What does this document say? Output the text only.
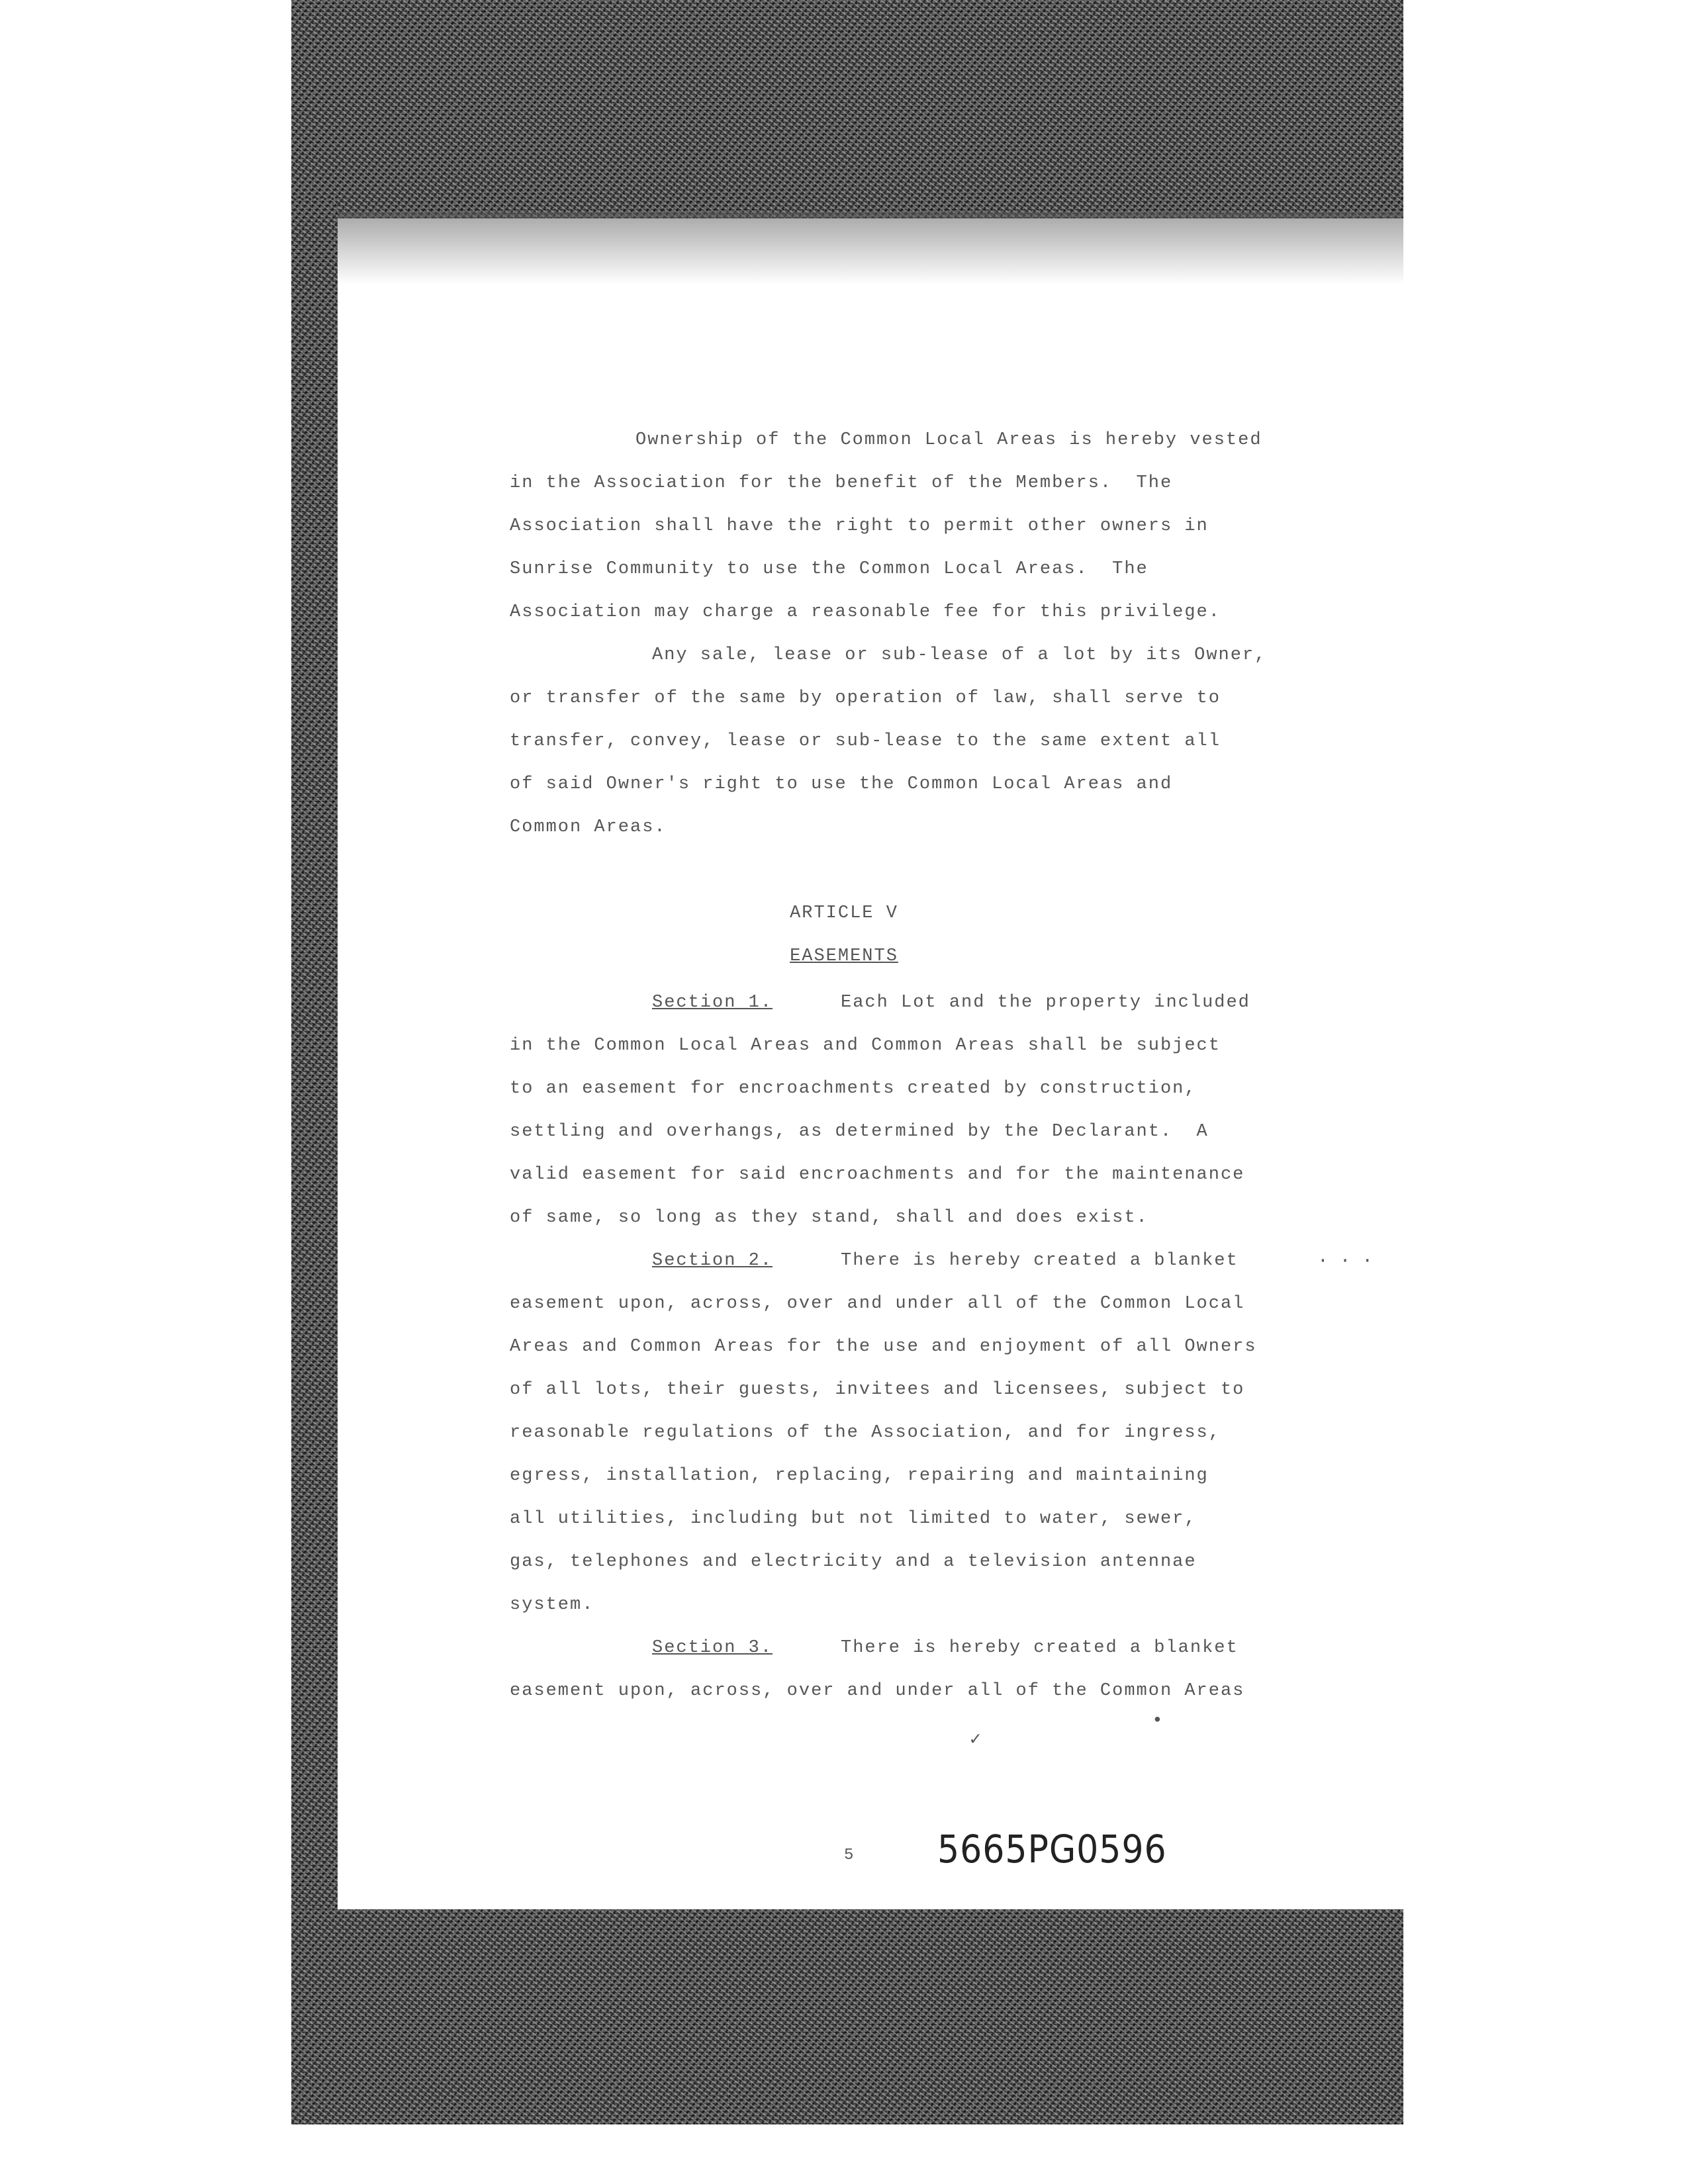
Ownership of the Common Local Areas is hereby vested
in the Association for the benefit of the Members.  The
Association shall have the right to permit other owners in
Sunrise Community to use the Common Local Areas.  The
Association may charge a reasonable fee for this privilege.
Any sale, lease or sub-lease of a lot by its Owner,
or transfer of the same by operation of law, shall serve to
transfer, convey, lease or sub-lease to the same extent all
of said Owner's right to use the Common Local Areas and
Common Areas.
ARTICLE V
EASEMENTS
Section 1.	Each Lot and the property included
in the Common Local Areas and Common Areas shall be subject
to an easement for encroachments created by construction,
settling and overhangs, as determined by the Declarant.  A
valid easement for said encroachments and for the maintenance
of same, so long as they stand, shall and does exist.
Section 2.	There is hereby created a blanket
easement upon, across, over and under all of the Common Local
Areas and Common Areas for the use and enjoyment of all Owners
of all lots, their guests, invitees and licensees, subject to
reasonable regulations of the Association, and for ingress,
egress, installation, replacing, repairing and maintaining
all utilities, including but not limited to water, sewer,
gas, telephones and electricity and a television antennae
system.
Section 3.	There is hereby created a blanket
easement upon, across, over and under all of the Common Areas
✓
•
· · ·
5 5665PG0596
